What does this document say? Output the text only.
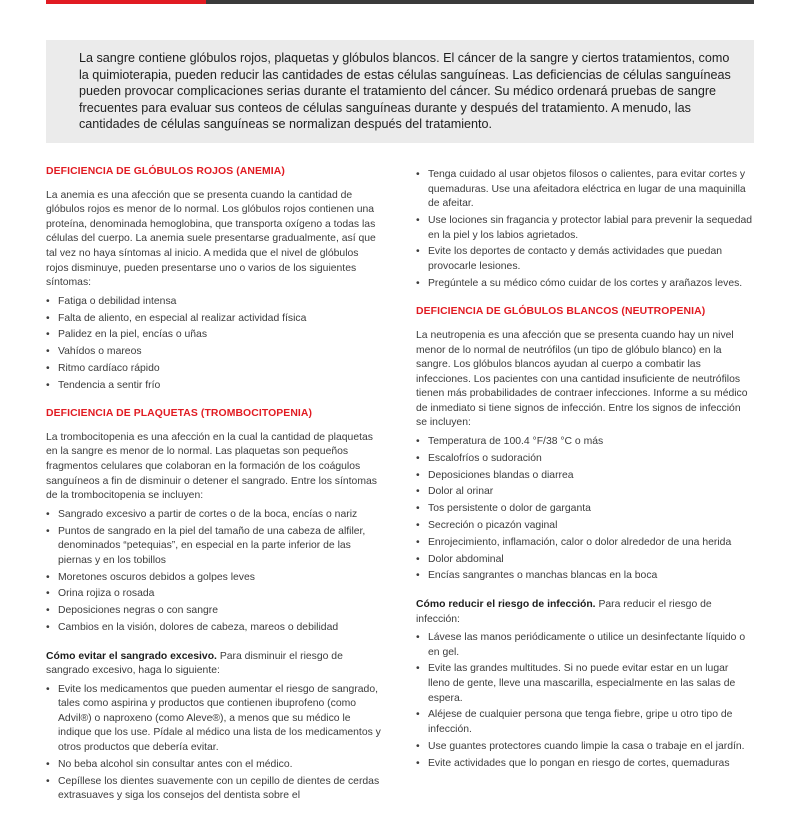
La sangre contiene glóbulos rojos, plaquetas y glóbulos blancos. El cáncer de la sangre y ciertos tratamientos, como la quimioterapia, pueden reducir las cantidades de estas células sanguíneas. Las deficiencias de células sanguíneas pueden provocar complicaciones serias durante el tratamiento del cáncer. Su médico ordenará pruebas de sangre frecuentes para evaluar sus conteos de células sanguíneas durante y después del tratamiento. A menudo, las cantidades de células sanguíneas se normalizan después del tratamiento.
DEFICIENCIA DE GLÓBULOS ROJOS (ANEMIA)

La anemia es una afección que se presenta cuando la cantidad de glóbulos rojos es menor de lo normal. Los glóbulos rojos contienen una proteína, denominada hemoglobina, que transporta oxígeno a todas las células del cuerpo. La anemia suele presentarse gradualmente, así que tal vez no haya síntomas al inicio. A medida que el nivel de glóbulos rojos disminuye, pueden presentarse uno o varios de los siguientes síntomas:

• Fatiga o debilidad intensa
• Falta de aliento, en especial al realizar actividad física
• Palidez en la piel, encías o uñas
• Vahídos o mareos
• Ritmo cardíaco rápido
• Tendencia a sentir frío
DEFICIENCIA DE PLAQUETAS (TROMBOCITOPENIA)

La trombocitopenia es una afección en la cual la cantidad de plaquetas en la sangre es menor de lo normal. Las plaquetas son pequeños fragmentos celulares que colaboran en la formación de los coágulos sanguíneos a fin de disminuir o detener el sangrado. Entre los síntomas de la trombocitopenia se incluyen:

• Sangrado excesivo a partir de cortes o de la boca, encías o nariz
• Puntos de sangrado en la piel del tamaño de una cabeza de alfiler, denominados “petequias”, en especial en la parte inferior de las piernas y en los tobillos
• Moretones oscuros debidos a golpes leves
• Orina rojiza o rosada
• Deposiciones negras o con sangre
• Cambios en la visión, dolores de cabeza, mareos o debilidad

Cómo evitar el sangrado excesivo. Para disminuir el riesgo de sangrado excesivo, haga lo siguiente:

• Evite los medicamentos que pueden aumentar el riesgo de sangrado, tales como aspirina y productos que contienen ibuprofeno (como Advil®) o naproxeno (como Aleve®), a menos que su médico le indique que los use. Pídale al médico una lista de los medicamentos y otros productos que debería evitar.
• No beba alcohol sin consultar antes con el médico.
• Cepíllese los dientes suavemente con un cepillo de dientes de cerdas extrasuaves y siga los consejos del dentista sobre el
• Tenga cuidado al usar objetos filosos o calientes, para evitar cortes y quemaduras. Use una afeitadora eléctrica en lugar de una maquinilla de afeitar.
• Use lociones sin fragancia y protector labial para prevenir la sequedad en la piel y los labios agrietados.
• Evite los deportes de contacto y demás actividades que puedan provocarle lesiones.
• Pregúntele a su médico cómo cuidar de los cortes y arañazos leves.
DEFICIENCIA DE GLÓBULOS BLANCOS (NEUTROPENIA)

La neutropenia es una afección que se presenta cuando hay un nivel menor de lo normal de neutrófilos (un tipo de glóbulo blanco) en la sangre. Los glóbulos blancos ayudan al cuerpo a combatir las infecciones. Los pacientes con una cantidad insuficiente de neutrófilos tienen más probabilidades de contraer infecciones. Informe a su médico de inmediato si tiene signos de infección. Entre los signos de infección se incluyen:

• Temperatura de 100.4 °F/38 °C o más
• Escalofríos o sudoración
• Deposiciones blandas o diarrea
• Dolor al orinar
• Tos persistente o dolor de garganta
• Secreción o picazón vaginal
• Enrojecimiento, inflamación, calor o dolor alrededor de una herida
• Dolor abdominal
• Encías sangrantes o manchas blancas en la boca

Cómo reducir el riesgo de infección. Para reducir el riesgo de infección:

• Lávese las manos periódicamente o utilice un desinfectante líquido o en gel.
• Evite las grandes multitudes. Si no puede evitar estar en un lugar lleno de gente, lleve una mascarilla, especialmente en las salas de espera.
• Aléjese de cualquier persona que tenga fiebre, gripe u otro tipo de infección.
• Use guantes protectores cuando limpie la casa o trabaje en el jardín.
• Evite actividades que lo pongan en riesgo de cortes, quemaduras
